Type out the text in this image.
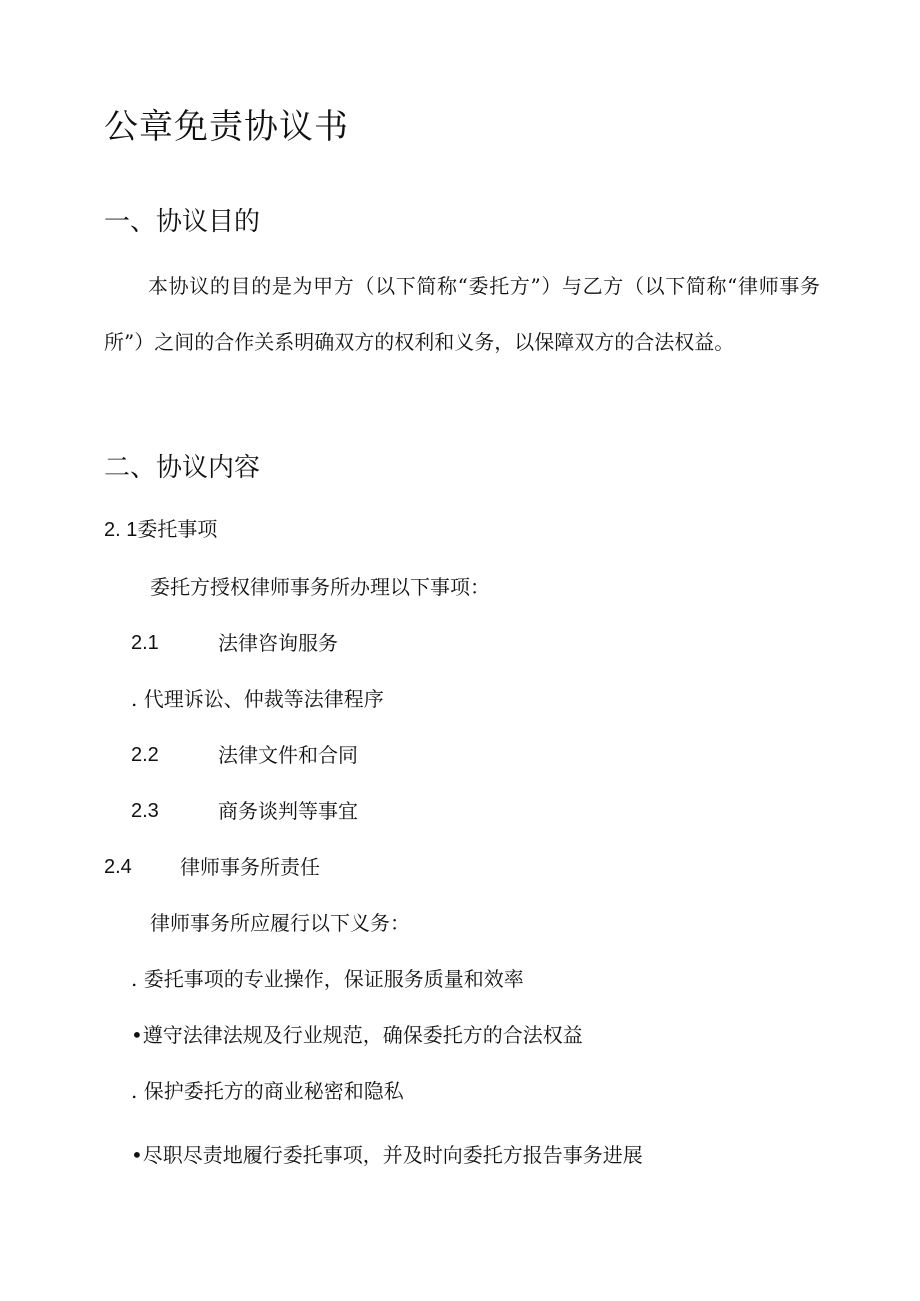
公章免责协议书
一、协议目的
本协议的目的是为甲方（以下简称“委托方”）与乙方（以下简称“律师事务所”）之间的合作关系明确双方的权利和义务，以保障双方的合法权益。
二、协议内容
2. 1委托事项
委托方授权律师事务所办理以下事项：
2.1	法律咨询服务
. 代理诉讼、仲裁等法律程序
2.2	法律文件和合同
2.3	商务谈判等事宜
2.4 律师事务所责任
律师事务所应履行以下义务：
. 委托事项的专业操作，保证服务质量和效率
•遵守法律法规及行业规范，确保委托方的合法权益
. 保护委托方的商业秘密和隐私
•尽职尽责地履行委托事项，并及时向委托方报告事务进展
